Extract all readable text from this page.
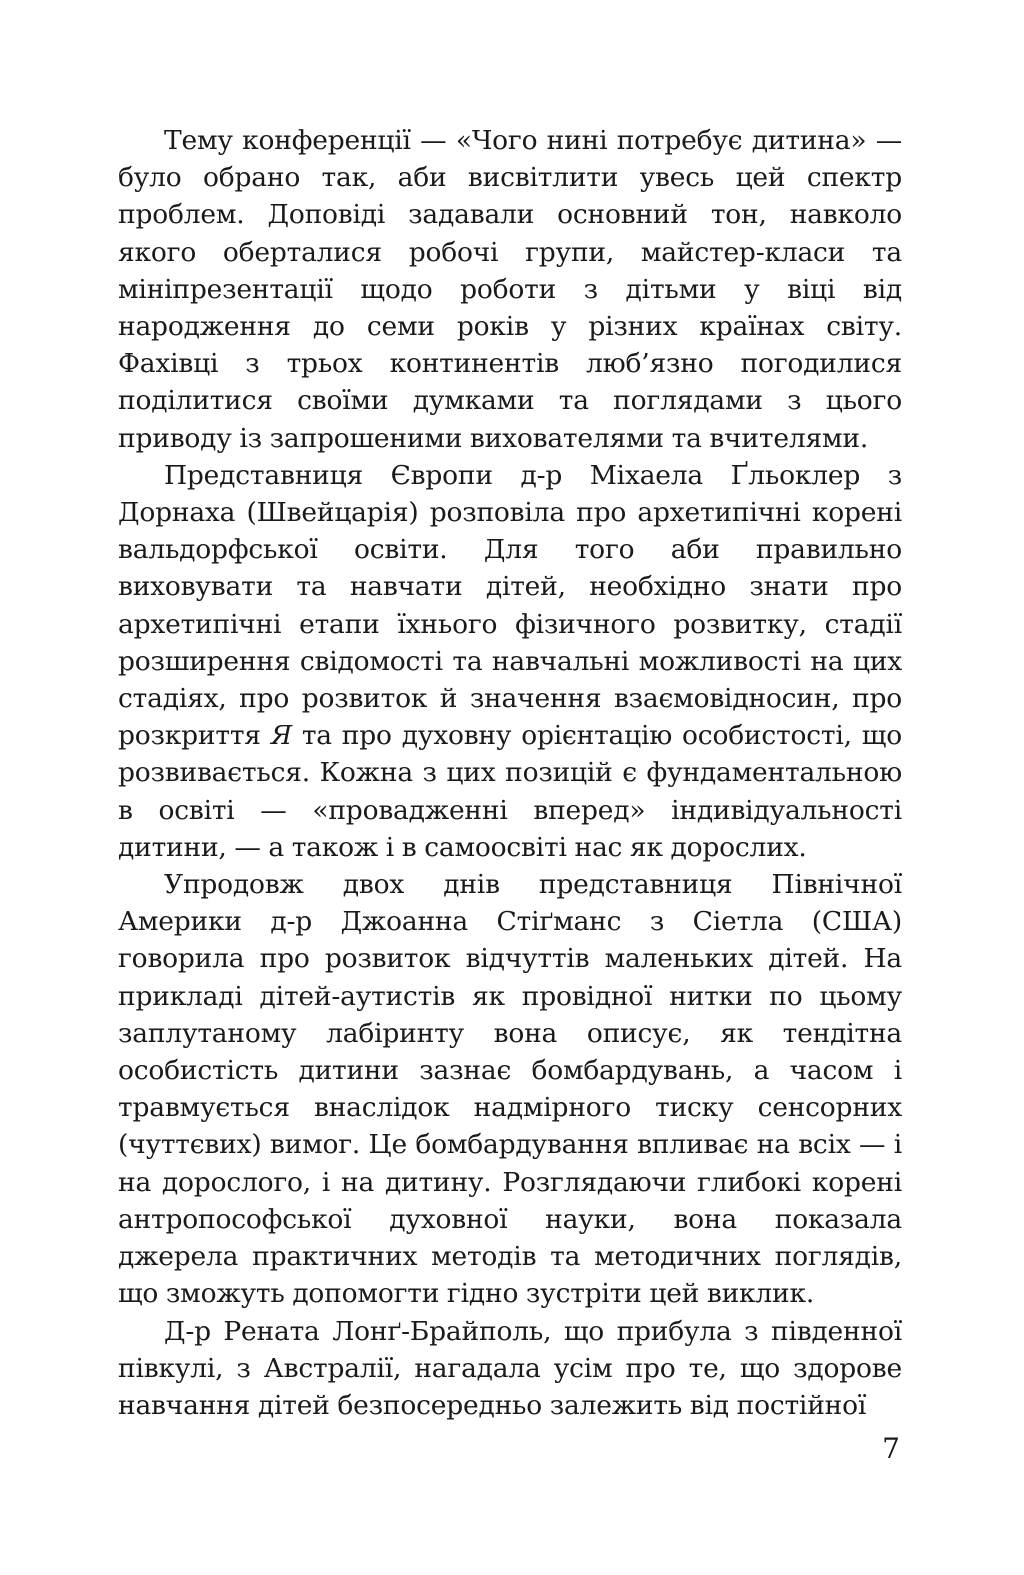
Тему конференції — «Чого нині потребує дитина» — було обрано так, аби висвітлити увесь цей спектр проблем. Доповіді задавали основний тон, навколо якого оберталися робочі групи, майстер-класи та мініпрезентації щодо роботи з дітьми у віці від народження до семи років у різних країнах світу. Фахівці з трьох континентів люб’язно погодилися поділитися своїми думками та поглядами з цього приводу із запрошеними вихователями та вчителями.

Представниця Європи д-р Міхаела Ґльоклер з Дорнаха (Швейцарія) розповіла про архетипічні корені вальдорфської освіти. Для того аби правильно виховувати та навчати дітей, необхідно знати про архетипічні етапи їхнього фізичного розвитку, стадії розширення свідомості та навчальні можливості на цих стадіях, про розвиток й значення взаємовідносин, про розкриття Я та про духовну орієнтацію особистості, що розвивається. Кожна з цих позицій є фундаментальною в освіті — «провадженні вперед» індивідуальності дитини, — а також і в самоосвіті нас як дорослих.

Упродовж двох днів представниця Північної Америки д-р Джоанна Стіґманс з Сіетла (США) говорила про розвиток відчуттів маленьких дітей. На прикладі дітей-аутистів як провідної нитки по цьому заплутаному лабіринту вона описує, як тендітна особистість дитини зазнає бомбардувань, а часом і травмується внаслідок надмірного тиску сенсорних (чуттєвих) вимог. Це бомбардування впливає на всіх — і на дорослого, і на дитину. Розглядаючи глибокі корені антропософської духовної науки, вона показала джерела практичних методів та методичних поглядів, що зможуть допомогти гідно зустріти цей виклик.

Д-р Рената Лонґ-Брайполь, що прибула з південної півкулі, з Австралії, нагадала усім про те, що здорове навчання дітей безпосередньо залежить від постійної

7
